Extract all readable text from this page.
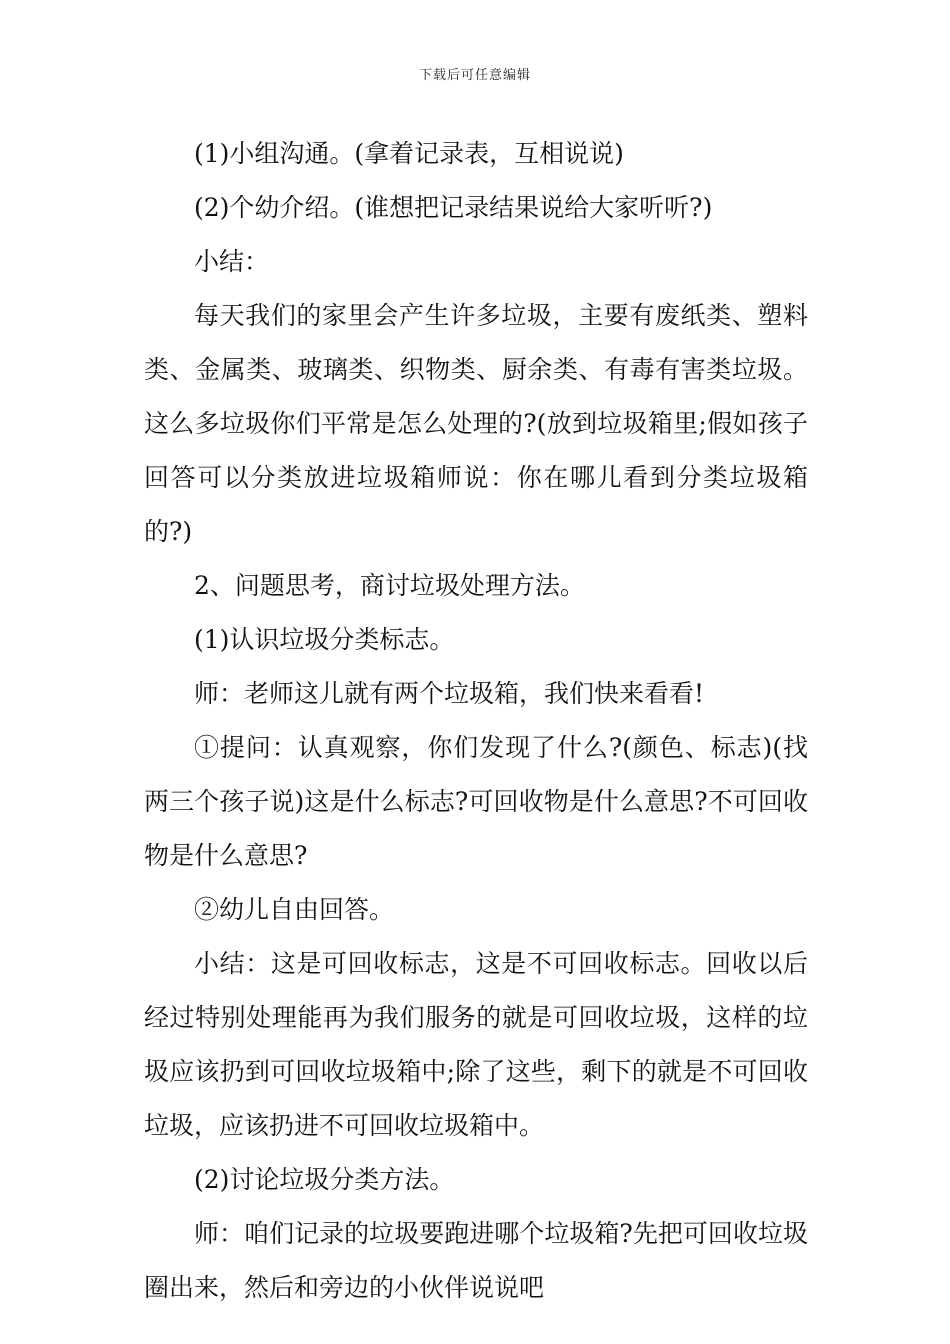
下载后可任意编辑

(1)小组沟通。(拿着记录表，互相说说)

(2)个幼介绍。(谁想把记录结果说给大家听听?)

小结：

每天我们的家里会产生许多垃圾，主要有废纸类、塑料类、金属类、玻璃类、织物类、厨余类、有毒有害类垃圾。这么多垃圾你们平常是怎么处理的?(放到垃圾箱里;假如孩子回答可以分类放进垃圾箱师说：你在哪儿看到分类垃圾箱的?)

2、问题思考，商讨垃圾处理方法。

(1)认识垃圾分类标志。

师：老师这儿就有两个垃圾箱，我们快来看看!

①提问：认真观察，你们发现了什么?(颜色、标志)(找两三个孩子说)这是什么标志?可回收物是什么意思?不可回收物是什么意思?

②幼儿自由回答。

小结：这是可回收标志，这是不可回收标志。回收以后经过特别处理能再为我们服务的就是可回收垃圾，这样的垃圾应该扔到可回收垃圾箱中;除了这些，剩下的就是不可回收垃圾，应该扔进不可回收垃圾箱中。

(2)讨论垃圾分类方法。

师：咱们记录的垃圾要跑进哪个垃圾箱?先把可回收垃圾圈出来，然后和旁边的小伙伴说说吧
